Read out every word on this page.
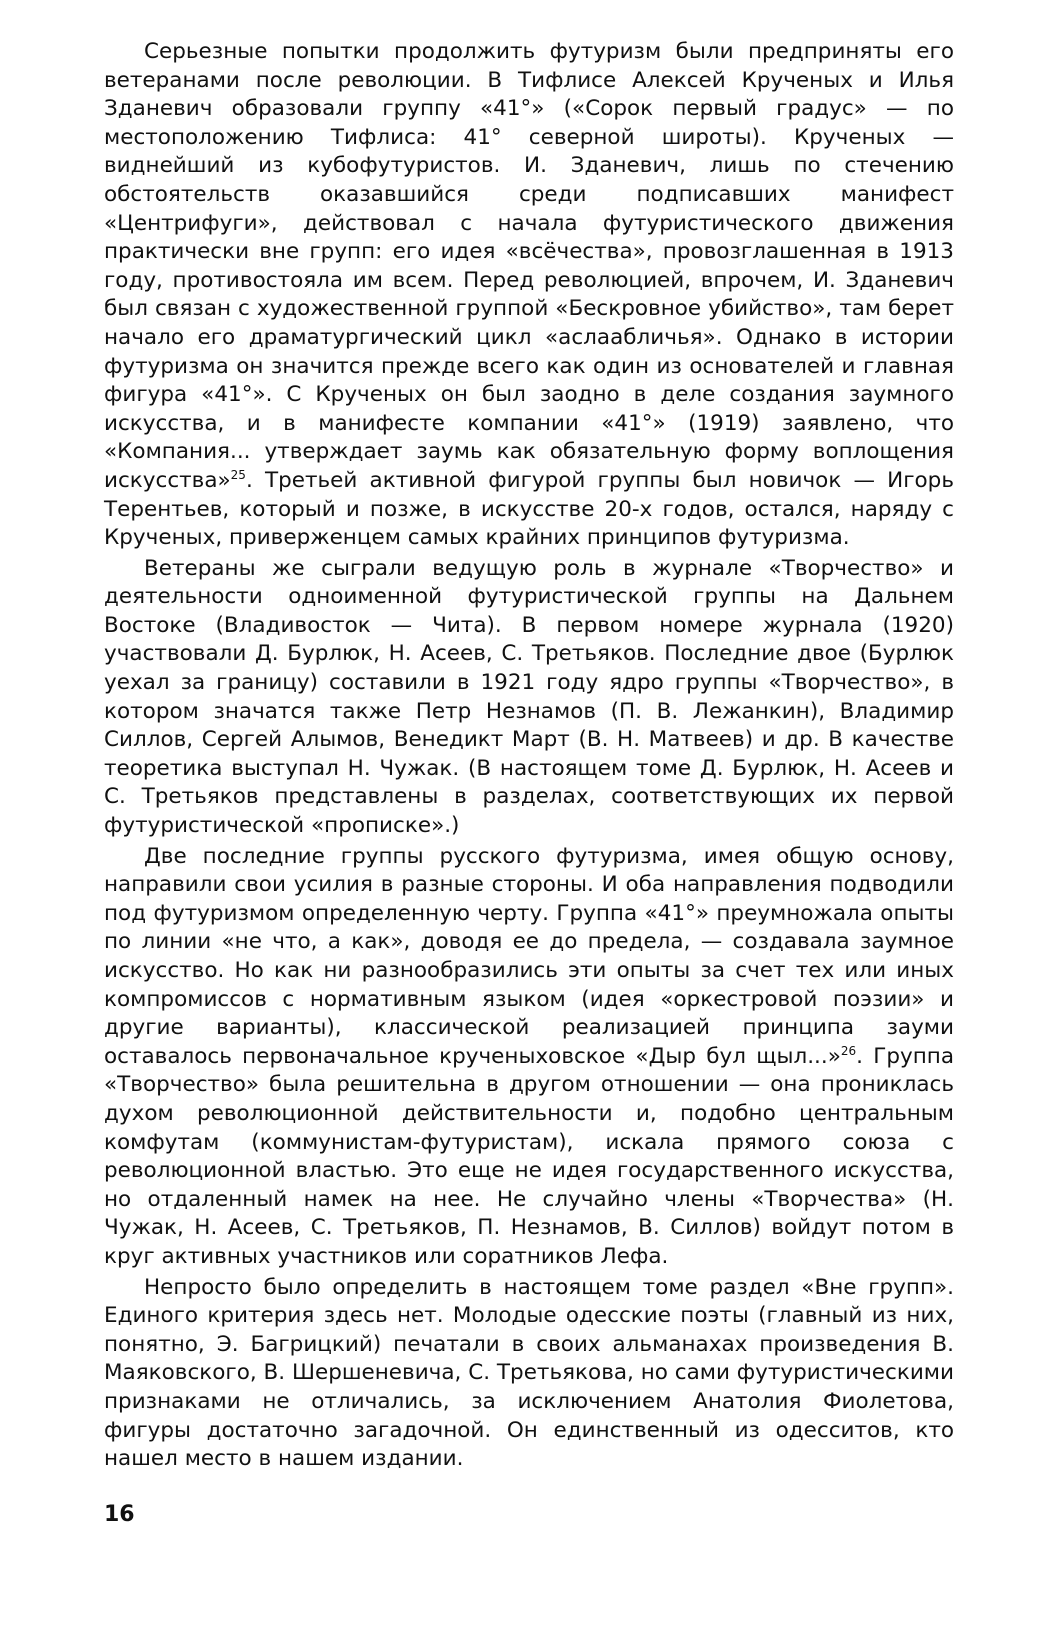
Серьезные попытки продолжить футуризм были предприняты его ветеранами после революции. В Тифлисе Алексей Крученых и Илья Зданевич образовали группу «41°» («Сорок первый градус» — по местоположению Тифлиса: 41° северной широты). Крученых — виднейший из кубофутуристов. И. Зданевич, лишь по стечению обстоятельств оказавшийся среди подписавших манифест «Центрифуги», действовал с начала футуристического движения практически вне групп: его идея «всёчества», провозглашенная в 1913 году, противостояла им всем. Перед революцией, впрочем, И. Зданевич был связан с художественной группой «Бескровное убийство», там берет начало его драматургический цикл «аслаабличья». Однако в истории футуризма он значится прежде всего как один из основателей и главная фигура «41°». С Крученых он был заодно в деле создания заумного искусства, и в манифесте компании «41°» (1919) заявлено, что «Компания... утверждает заумь как обязательную форму воплощения искусства»$^{25}$. Третьей активной фигурой группы был новичок — Игорь Терентьев, который и позже, в искусстве 20-х годов, остался, наряду с Крученых, приверженцем самых крайних принципов футуризма.

Ветераны же сыграли ведущую роль в журнале «Творчество» и деятельности одноименной футуристической группы на Дальнем Востоке (Владивосток — Чита). В первом номере журнала (1920) участвовали Д. Бурлюк, Н. Асеев, С. Третьяков. Последние двое (Бурлюк уехал за границу) составили в 1921 году ядро группы «Творчество», в котором значатся также Петр Незнамов (П. В. Лежанкин), Владимир Силлов, Сергей Алымов, Венедикт Март (В. Н. Матвеев) и др. В качестве теоретика выступал Н. Чужак. (В настоящем томе Д. Бурлюк, Н. Асеев и С. Третьяков представлены в разделах, соответствующих их первой футуристической «прописке».)

Две последние группы русского футуризма, имея общую основу, направили свои усилия в разные стороны. И оба направления подводили под футуризмом определенную черту. Группа «41°» преумножала опыты по линии «не что, а как», доводя ее до предела, — создавала заумное искусство. Но как ни разнообразились эти опыты за счет тех или иных компромиссов с нормативным языком (идея «оркестровой поэзии» и другие варианты), классической реализацией принципа зауми оставалось первоначальное крученыховское «Дыр бул щыл...»$^{26}$. Группа «Творчество» была решительна в другом отношении — она прониклась духом революционной действительности и, подобно центральным комфутам (коммунистам-футуристам), искала прямого союза с революционной властью. Это еще не идея государственного искусства, но отдаленный намек на нее. Не случайно члены «Творчества» (Н. Чужак, Н. Асеев, С. Третьяков, П. Незнамов, В. Силлов) войдут потом в круг активных участников или соратников Лефа.

Непросто было определить в настоящем томе раздел «Вне групп». Единого критерия здесь нет. Молодые одесские поэты (главный из них, понятно, Э. Багрицкий) печатали в своих альманахах произведения В. Маяковского, В. Шершеневича, С. Третьякова, но сами футуристическими признаками не отличались, за исключением Анатолия Фиолетова, фигуры достаточно загадочной. Он единственный из одесситов, кто нашел место в нашем издании.

16
